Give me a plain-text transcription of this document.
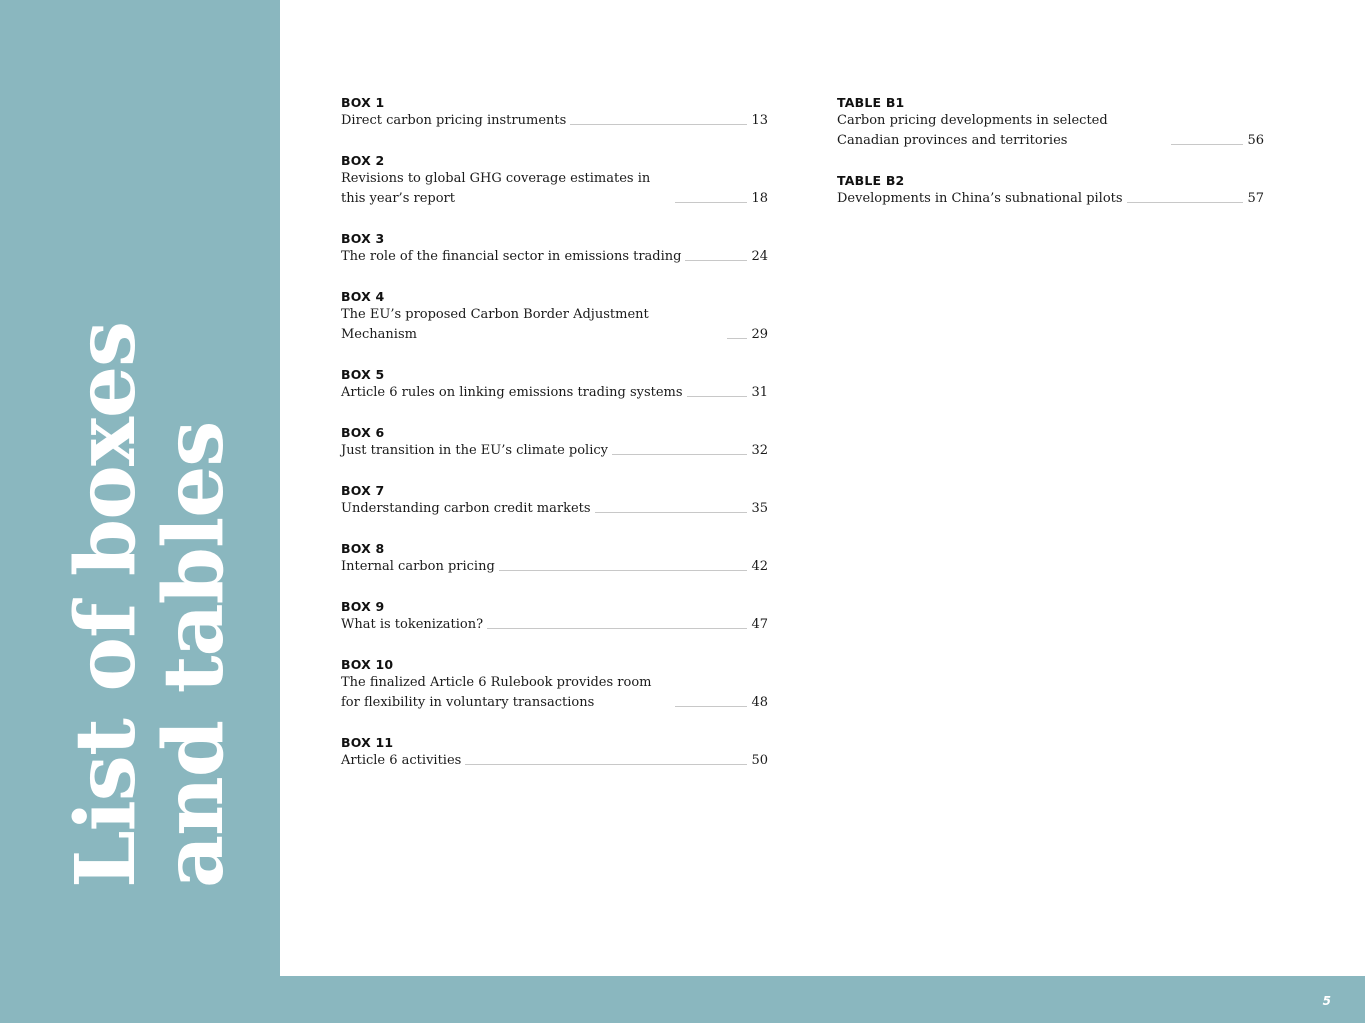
List of boxes
and tables
BOX 1
Direct carbon pricing instruments	13
BOX 2
Revisions to global GHG coverage estimates in this year’s report	18
BOX 3
The role of the financial sector in emissions trading	24
BOX 4
The EU’s proposed Carbon Border Adjustment Mechanism	29
BOX 5
Article 6 rules on linking emissions trading systems	31
BOX 6
Just transition in the EU’s climate policy	32
BOX 7
Understanding carbon credit markets	35
BOX 8
Internal carbon pricing	42
BOX 9
What is tokenization?	47
BOX 10
The finalized Article 6 Rulebook provides room for flexibility in voluntary transactions	48
BOX 11
Article 6 activities	50
TABLE B1
Carbon pricing developments in selected Canadian provinces and territories	56
TABLE B2
Developments in China’s subnational pilots	57
5
